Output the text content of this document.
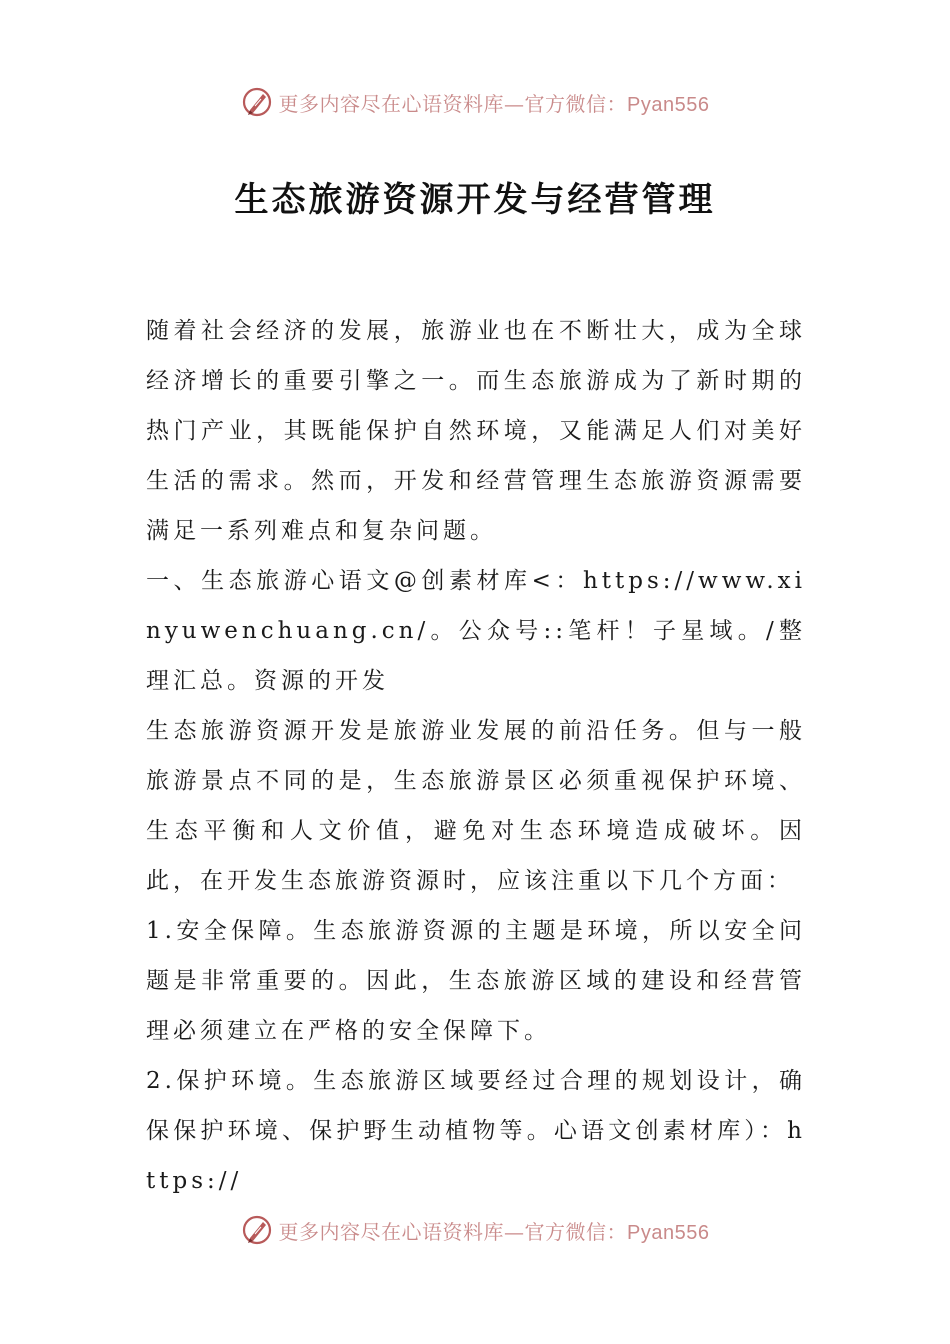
更多内容尽在心语资料库—官方微信：Pyan556
生态旅游资源开发与经营管理

随着社会经济的发展，旅游业也在不断壮大，成为全球经济增长的重要引擎之一。而生态旅游成为了新时期的热门产业，其既能保护自然环境，又能满足人们对美好生活的需求。然而，开发和经营管理生态旅游资源需要满足一系列难点和复杂问题。

一、生态旅游心语文@创素材库<：https://www.xinyuwenchuang.cn/。公众号::笔杆！子星域。/整理汇总。资源的开发

生态旅游资源开发是旅游业发展的前沿任务。但与一般旅游景点不同的是，生态旅游景区必须重视保护环境、生态平衡和人文价值，避免对生态环境造成破坏。因此，在开发生态旅游资源时，应该注重以下几个方面：

1.安全保障。生态旅游资源的主题是环境，所以安全问题是非常重要的。因此，生态旅游区域的建设和经营管理必须建立在严格的安全保障下。

2.保护环境。生态旅游区域要经过合理的规划设计，确保保护环境、保护野生动植物等。心语文创素材库）：https://

更多内容尽在心语资料库—官方微信：Pyan556
